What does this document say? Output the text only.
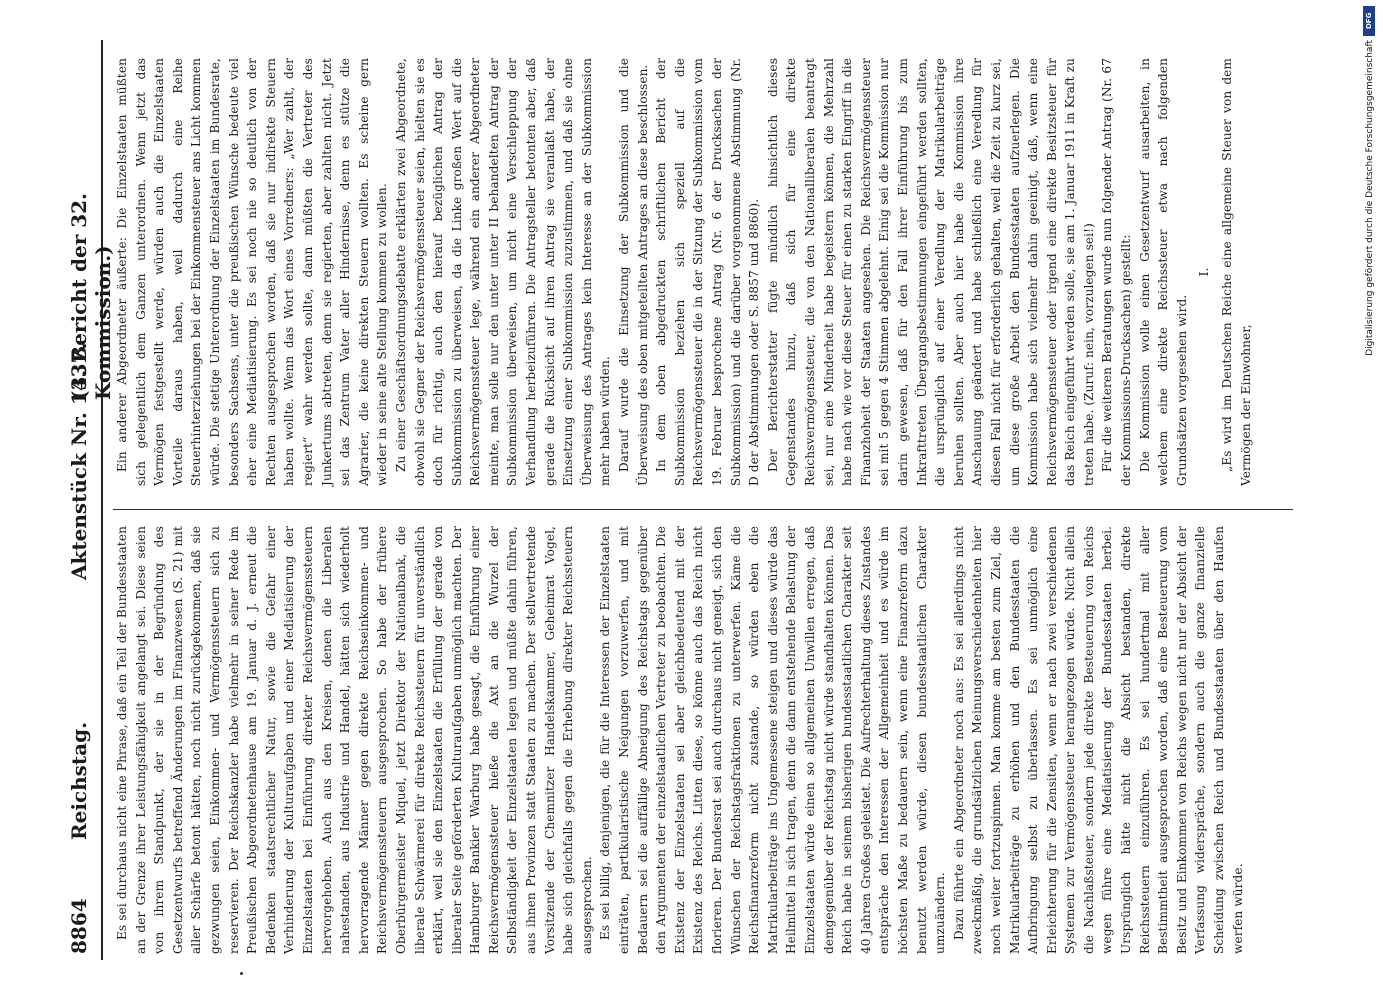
8864
Reichstag.
Aktenstück Nr. 1437.
(3. Bericht der 32. Kommission.)

Es sei durchaus nicht eine Phrase, daß ein Teil der Bundesstaaten an der Grenze ihrer Leistungsfähigkeit angelangt sei. Diese seien von ihrem Standpunkt, der sie in der Begründung des Gesetzentwurfs betreffend Änderungen im Finanzwesen (S. 21) mit aller Schärfe betont hätten, noch nicht zurückgekommen, daß sie gezwungen seien, Einkommen- und Vermögenssteuern sich zu reservieren. Der Reichskanzler habe vielmehr in seiner Rede im Preußischen Abgeordnetenhause am 19. Januar d. J. erneut die Bedenken staatsrechtlicher Natur, sowie die Gefahr einer Verhinderung der Kulturaufgaben und einer Mediatisierung der Einzelstaaten bei Einführung direkter Reichsvermögenssteuern hervorgehoben. Auch aus den Kreisen, denen die Liberalen nahestanden, aus Industrie und Handel, hätten sich wiederholt hervorragende Männer gegen direkte Reichseinkommen- und Reichsvermögenssteuern ausgesprochen. So habe der frühere Oberbürgermeister Miquel, jetzt Direktor der Nationalbank, die liberale Schwärmerei für direkte Reichssteuern für unverständlich erklärt, weil sie den Einzelstaaten die Erfüllung der gerade von liberaler Seite geförderten Kulturaufgaben unmöglich machten. Der Hamburger Bankier Warburg habe gesagt, die Einführung einer Reichsvermögenssteuer hieße die Axt an die Wurzel der Selbständigkeit der Einzelstaaten legen und müßte dahin führen, aus ihnen Provinzen statt Staaten zu machen. Der stellvertretende Vorsitzende der Chemnitzer Handelskammer, Geheimrat Vogel, habe sich gleichfalls gegen die Erhebung direkter Reichssteuern ausgesprochen. Es sei billig, denjenigen, die für die Interessen der Einzelstaaten einträten, partikularistische Neigungen vorzuwerfen, und mit Bedauern sei die auffällige Abneigung des Reichstags gegenüber den Argumenten der einzelstaatlichen Vertreter zu beobachten. Die Existenz der Einzelstaaten sei aber gleichbedeutend mit der Existenz des Reichs. Litten diese, so könne auch das Reich nicht florieren. Der Bundesrat sei auch durchaus nicht geneigt, sich den Wünschen der Reichstagsfraktionen zu unterwerfen. Käme die Reichsfinanzreform nicht zustande, so würden eben die Matrikularbeiträge ins Ungemessene steigen und dieses würde das Heilmittel in sich tragen, denn die dann entstehende Belastung der Einzelstaaten würde einen so allgemeinen Unwillen erregen, daß demgegenüber der Reichstag nicht würde standhalten können. Das Reich habe in seinem bisherigen bundesstaatlichen Charakter seit 40 Jahren Großes geleistet. Die Aufrechterhaltung dieses Zustandes entspräche den Interessen der Allgemeinheit und es würde im höchsten Maße zu bedauern sein, wenn eine Finanzreform dazu benutzt werden würde, diesen bundesstaatlichen Charakter umzuändern. Dazu führte ein Abgeordneter noch aus: Es sei allerdings nicht zweckmäßig, die grundsätzlichen Meinungsverschiedenheiten hier noch weiter fortzuspinnen. Man komme am besten zum Ziel, die Matrikularbeiträge zu erhöhen und den Bundesstaaten die Aufbringung selbst zu überlassen. Es sei unmöglich eine Erleichterung für die Zensiten, wenn er nach zwei verschiedenen Systemen zur Vermögenssteuer herangezogen würde. Nicht allein die Nachlaßsteuer, sondern jede direkte Besteuerung von Reichs wegen führe eine Mediatisierung der Bundesstaaten herbei. Ursprünglich hätte nicht die Absicht bestanden, direkte Reichssteuern einzuführen. Es sei hundertmal mit aller Bestimmtheit ausgesprochen worden, daß eine Besteuerung vom Besitz und Einkommen von Reichs wegen nicht nur der Absicht der Verfassung widerspräche, sondern auch die ganze finanzielle Scheidung zwischen Reich und Bundesstaaten über den Haufen werfen würde.

Ein anderer Abgeordneter äußerte: Die Einzelstaaten müßten sich gelegentlich dem Ganzen unterordnen. Wenn jetzt das Vermögen festgestellt werde, würden auch die Einzelstaaten Vorteile daraus haben, weil dadurch eine Reihe Steuerhinterziehungen bei der Einkommensteuer ans Licht kommen würde. Die stetige Unterordnung der Einzelstaaten im Bundesrate, besonders Sachsens, unter die preußischen Wünsche bedeute viel eher eine Mediatisierung. Es sei noch nie so deutlich von der Rechten ausgesprochen worden, daß sie nur indirekte Steuern haben wollte. Wenn das Wort eines Vorredners: „Wer zahlt, der regiert“ wahr werden sollte, dann müßten die Vertreter des Junkertums abtreten, denn sie regierten, aber zahlten nicht. Jetzt sei das Zentrum Vater aller Hindernisse, denn es stütze die Agrarier, die keine direkten Steuern wollten. Es scheine gern wieder in seine alte Stellung kommen zu wollen. Zu einer Geschäftsordnungsdebatte erklärten zwei Abgeordnete, obwohl sie Gegner der Reichsvermögenssteuer seien, hielten sie es doch für richtig, auch den hierauf bezüglichen Antrag der Subkommission zu überweisen, da die Linke großen Wert auf die Reichsvermögenssteuer lege, während ein anderer Abgeordneter meinte, man solle nur den unter unter II behandelten Antrag der Subkommission überweisen, um nicht eine Verschleppung der Verhandlung herbeizuführen. Die Antragsteller betonten aber, daß gerade die Rücksicht auf ihren Antrag sie veranlaßt habe, der Einsetzung einer Subkommission zuzustimmen, und daß sie ohne Überweisung des Antrages kein Interesse an der Subkommission mehr haben würden. Darauf wurde die Einsetzung der Subkommission und die Überweisung des oben mitgeteilten Antrages an diese beschlossen. In dem oben abgedruckten schriftlichen Bericht der Subkommission beziehen sich speziell auf die Reichsvermögenssteuer die in der Sitzung der Subkommission vom 19. Februar besprochene Antrag (Nr. 6 der Drucksachen der Subkommission) und die darüber vorgenommene Abstimmung (Nr. D der Abstimmungen oder S. 8857 und 8860). Der Berichterstatter fügte mündlich hinsichtlich dieses Gegenstandes hinzu, daß sich für eine direkte Reichsvermögenssteuer, die von den Nationalliberalen beantragt sei, nur eine Minderheit habe begeistern können, die Mehrzahl habe nach wie vor diese Steuer für einen zu starken Eingriff in die Finanzhoheit der Staaten angesehen. Die Reichsvermögenssteuer sei mit 5 gegen 4 Stimmen abgelehnt. Einig sei die Kommission nur darin gewesen, daß für den Fall ihrer Einführung bis zum Inkrafttreten Übergangsbestimmungen eingeführt werden sollten, die ursprünglich auf einer Veredlung der Matrikularbeiträge beruhen sollten. Aber auch hier habe die Kommission ihre Anschauung geändert und habe schließlich eine Veredlung für diesen Fall nicht für erforderlich gehalten, weil die Zeit zu kurz sei, um diese große Arbeit den Bundesstaaten aufzuerlegen. Die Kommission habe sich vielmehr dahin geeinigt, daß, wenn eine Reichsvermögenssteuer oder irgend eine direkte Besitzsteuer für das Reich eingeführt werden solle, sie am 1. Januar 1911 in Kraft zu treten habe. (Zuruf: nein, vorzulegen sei!) Für die weiteren Beratungen wurde nun folgender Antrag (Nr. 67 der Kommissions-Drucksachen) gestellt: Die Kommission wolle einen Gesetzentwurf ausarbeiten, in welchem eine direkte Reichssteuer etwa nach folgenden Grundsätzen vorgesehen wird.

I. „Es wird im Deutschen Reiche eine allgemeine Steuer von dem Vermögen der Einwohner,

DFG
Digitalisierung gefördert durch die Deutsche Forschungsgemeinschaft
